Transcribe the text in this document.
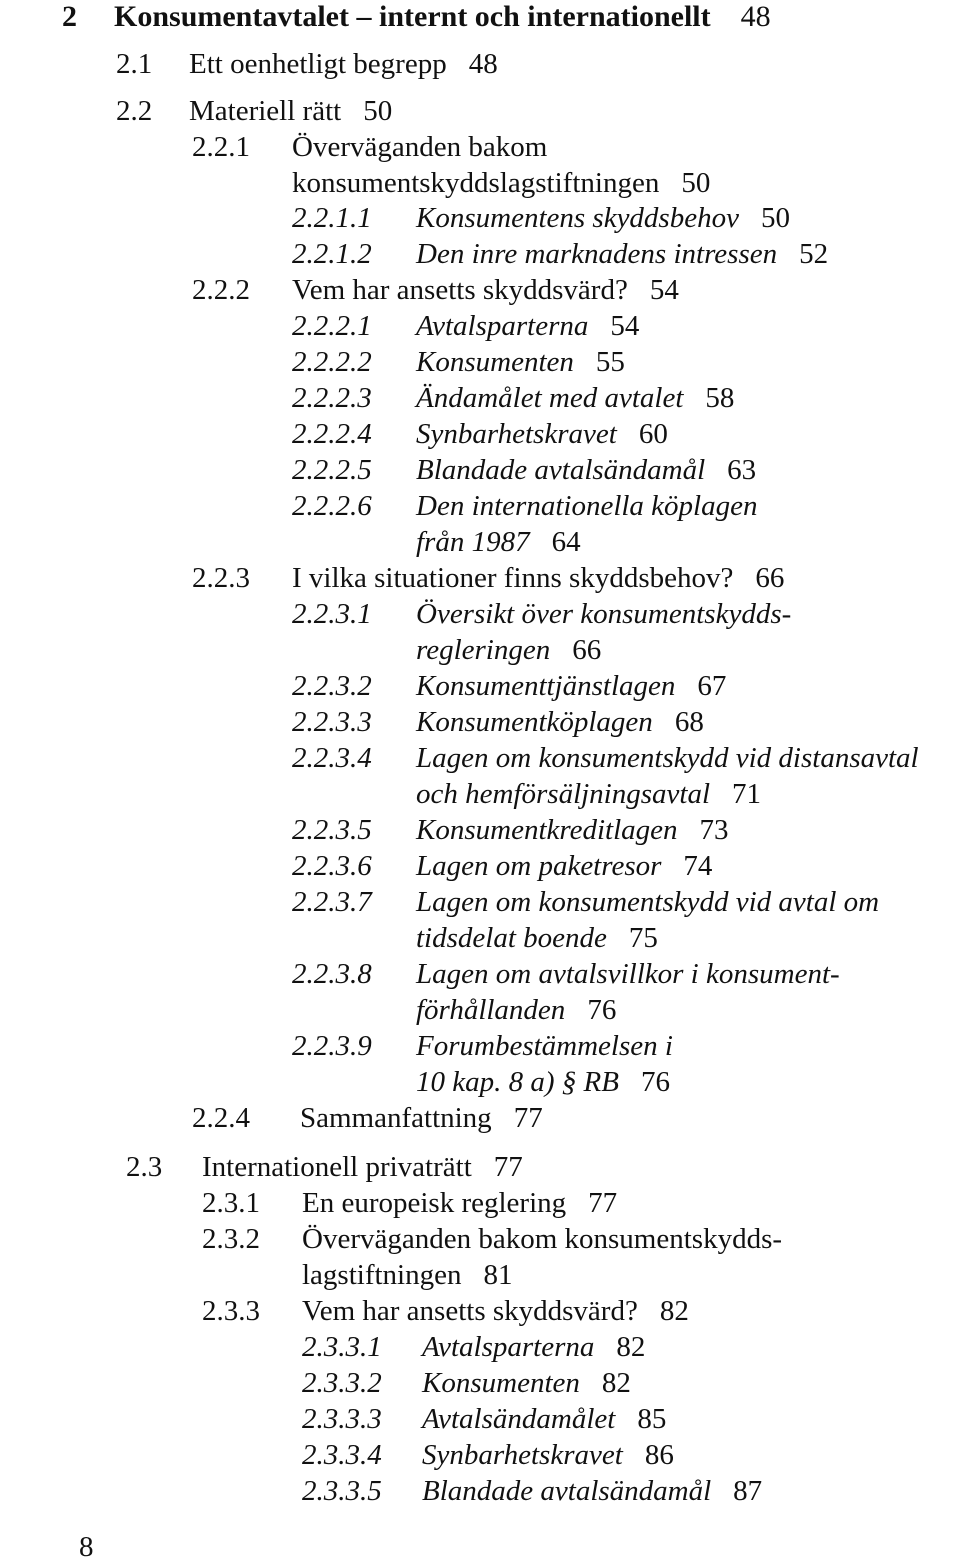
2 Konsumentavtalet – internt och internationellt 48
2.1 Ett oenhetligt begrepp 48
2.2 Materiell rätt 50
2.2.1 Överväganden bakom
konsumentskyddslagstiftningen 50
2.2.1.1 Konsumentens skyddsbehov 50
2.2.1.2 Den inre marknadens intressen 52
2.2.2 Vem har ansetts skyddsvärd? 54
2.2.2.1 Avtalsparterna 54
2.2.2.2 Konsumenten 55
2.2.2.3 Ändamålet med avtalet 58
2.2.2.4 Synbarhetskravet 60
2.2.2.5 Blandade avtalsändamål 63
2.2.2.6 Den internationella köplagen
från 1987 64
2.2.3 I vilka situationer finns skyddsbehov? 66
2.2.3.1 Översikt över konsumentskydds-
regleringen 66
2.2.3.2 Konsumenttjänstlagen 67
2.2.3.3 Konsumentköplagen 68
2.2.3.4 Lagen om konsumentskydd vid distansavtal
och hemförsäljningsavtal 71
2.2.3.5 Konsumentkreditlagen 73
2.2.3.6 Lagen om paketresor 74
2.2.3.7 Lagen om konsumentskydd vid avtal om
tidsdelat boende 75
2.2.3.8 Lagen om avtalsvillkor i konsument-
förhållanden 76
2.2.3.9 Forumbestämmelsen i
10 kap. 8 a) § RB 76
2.2.4 Sammanfattning 77
2.3 Internationell privaträtt 77
2.3.1 En europeisk reglering 77
2.3.2 Överväganden bakom konsumentskydds-
lagstiftningen 81
2.3.3 Vem har ansetts skyddsvärd? 82
2.3.3.1 Avtalsparterna 82
2.3.3.2 Konsumenten 82
2.3.3.3 Avtalsändamålet 85
2.3.3.4 Synbarhetskravet 86
2.3.3.5 Blandade avtalsändamål 87
8
